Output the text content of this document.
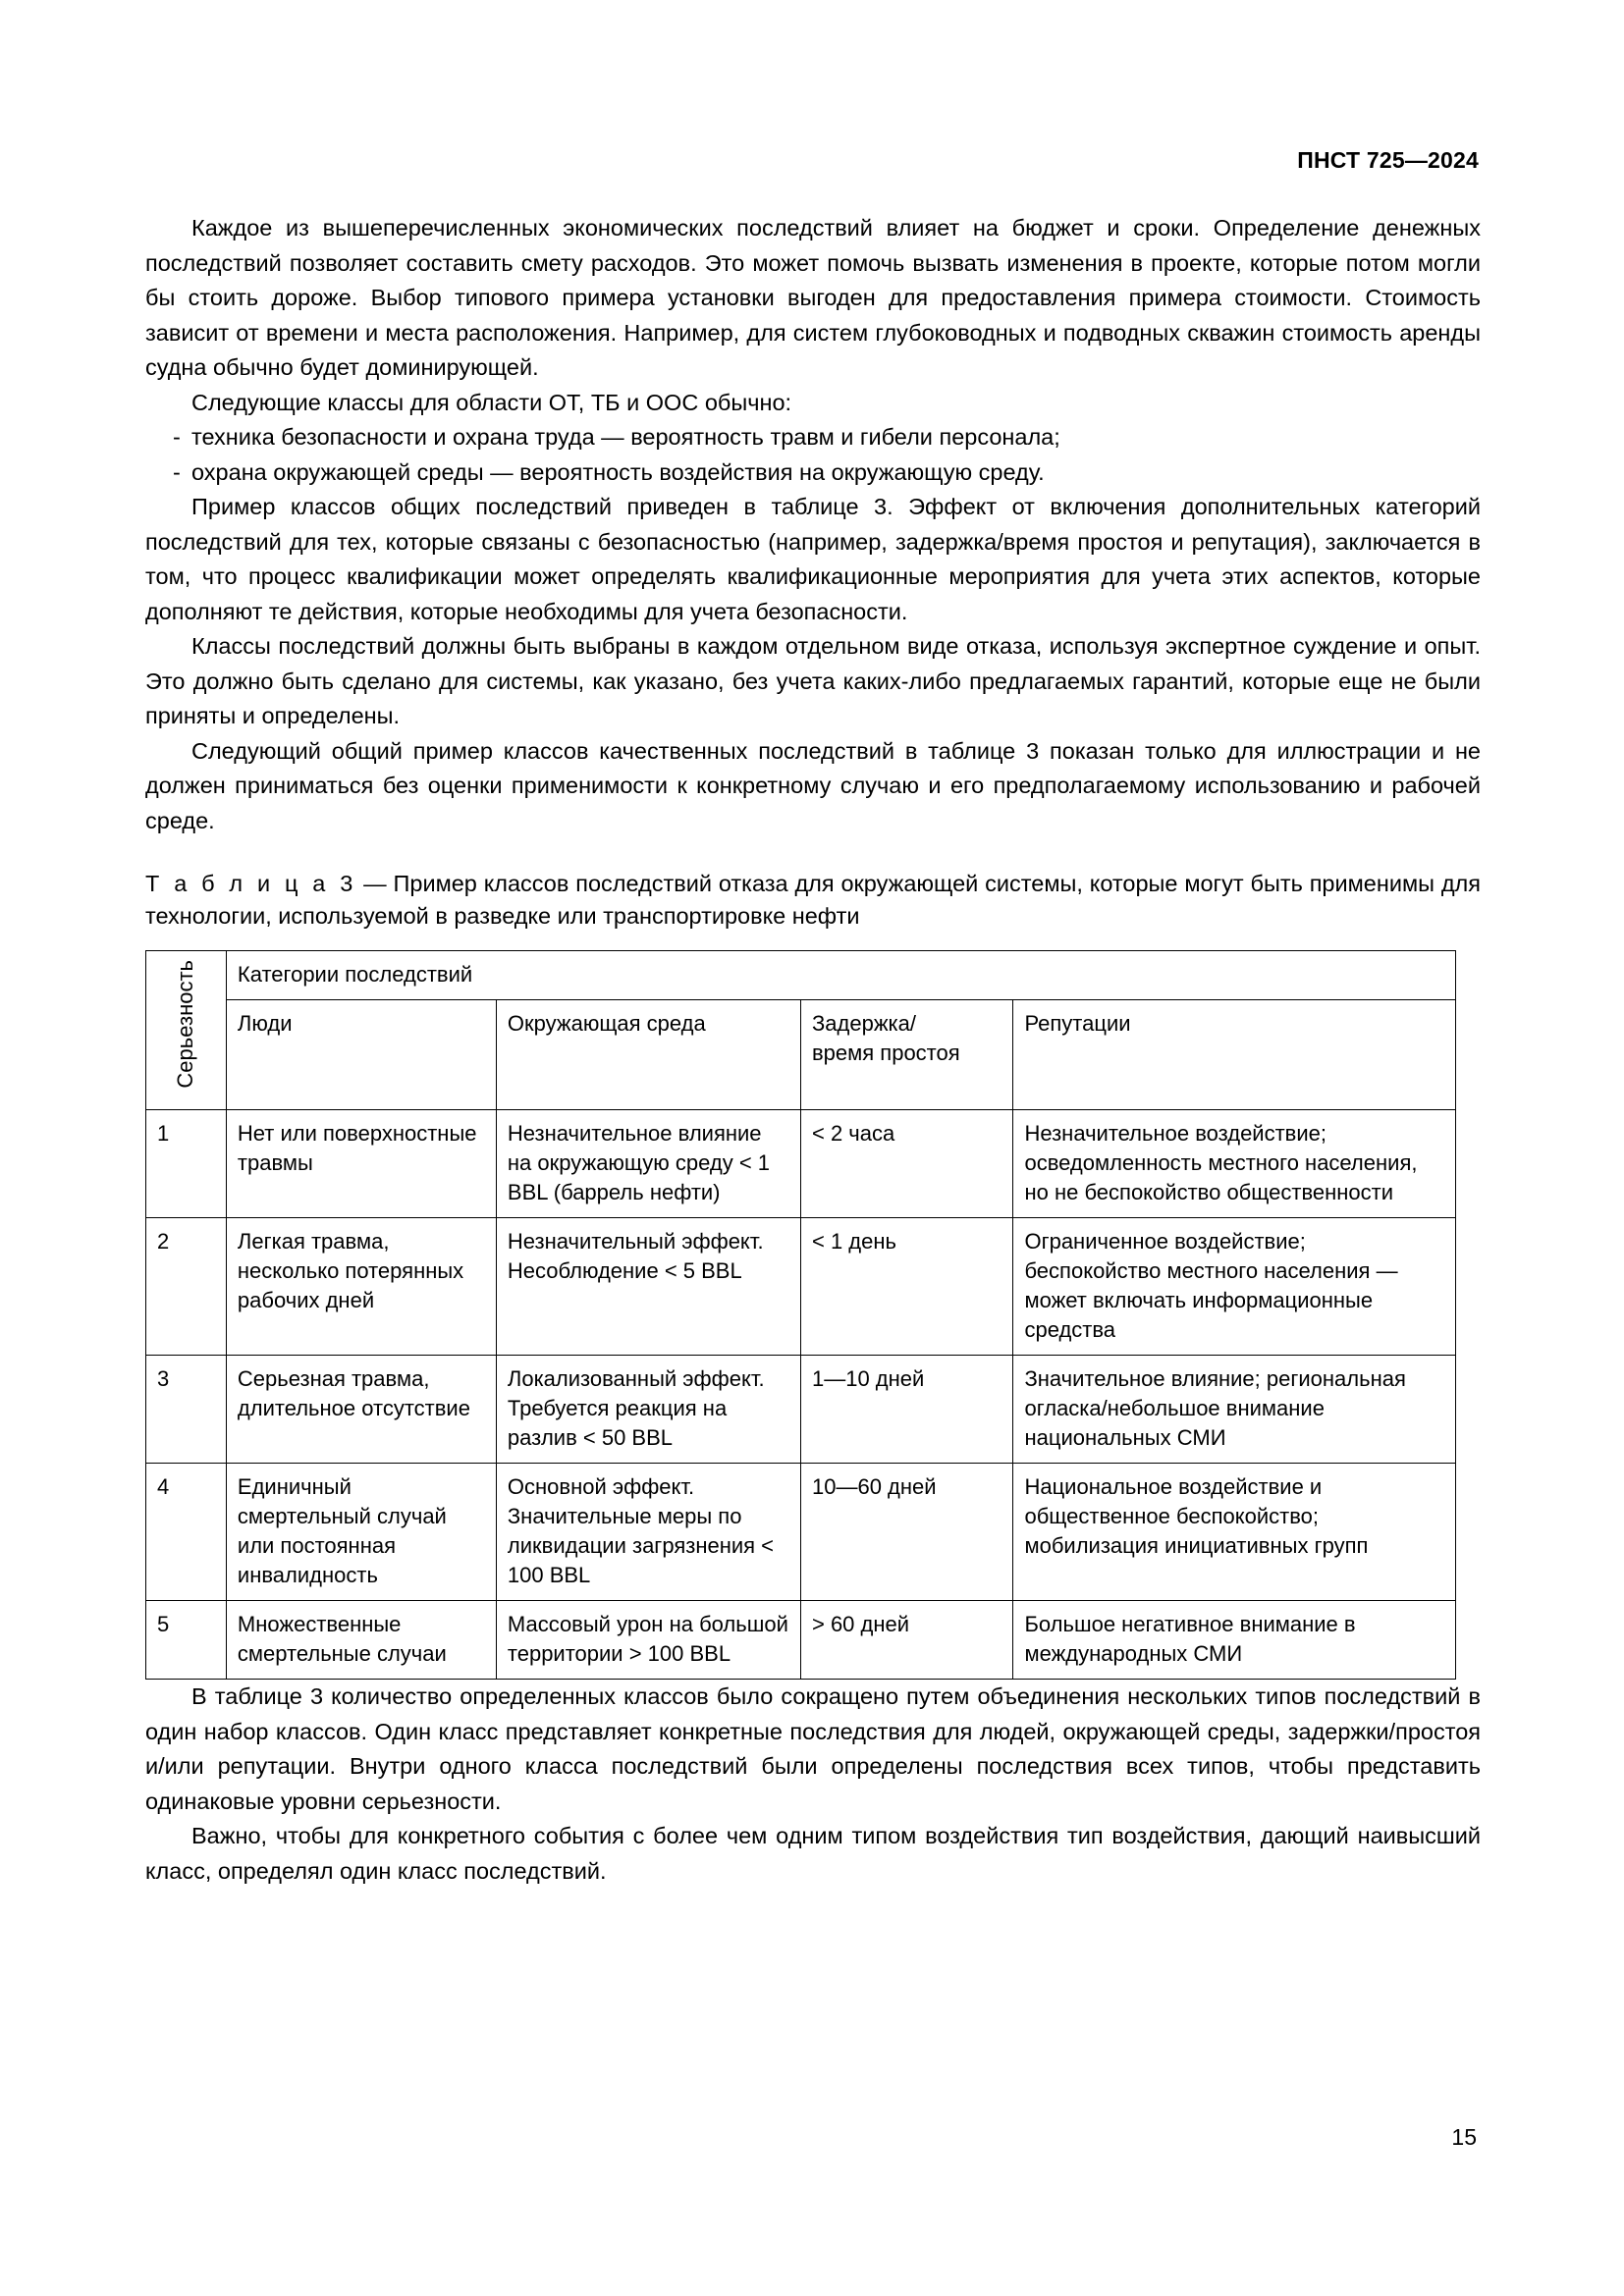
ПНСТ 725—2024

Каждое из вышеперечисленных экономических последствий влияет на бюджет и сроки. Определение денежных последствий позволяет составить смету расходов. Это может помочь вызвать изменения в проекте, которые потом могли бы стоить дороже. Выбор типового примера установки выгоден для предоставления примера стоимости. Стоимость зависит от времени и места расположения. Например, для систем глубоководных и подводных скважин стоимость аренды судна обычно будет доминирующей.

Следующие классы для области ОТ, ТБ и ООС обычно:

- техника безопасности и охрана труда — вероятность травм и гибели персонала;
- охрана окружающей среды — вероятность воздействия на окружающую среду.

Пример классов общих последствий приведен в таблице 3. Эффект от включения дополнительных категорий последствий для тех, которые связаны с безопасностью (например, задержка/время простоя и репутация), заключается в том, что процесс квалификации может определять квалификационные мероприятия для учета этих аспектов, которые дополняют те действия, которые необходимы для учета безопасности.

Классы последствий должны быть выбраны в каждом отдельном виде отказа, используя экспертное суждение и опыт. Это должно быть сделано для системы, как указано, без учета каких-либо предлагаемых гарантий, которые еще не были приняты и определены.

Следующий общий пример классов качественных последствий в таблице 3 показан только для иллюстрации и не должен приниматься без оценки применимости к конкретному случаю и его предполагаемому использованию и рабочей среде.

Т а б л и ц а 3 — Пример классов последствий отказа для окружающей системы, которые могут быть применимы для технологии, используемой в разведке или транспортировке нефти
Серьезность	Категории последствий			
	Люди	Окружающая среда	Задержка/
время простоя	Репутации
1	Нет или поверхностные травмы	Незначительное влияние на окружающую среду < 1 BBL (баррель нефти)	< 2 часа	Незначительное воздействие; осведомленность местного населения, но не беспокойство общественности
2	Легкая травма, несколько потерянных рабочих дней	Незначительный эффект. Несоблюдение < 5 BBL	< 1 день	Ограниченное воздействие; беспокойство местного населения — может включать информационные средства
3	Серьезная травма, длительное отсутствие	Локализованный эффект. Требуется реакция на разлив < 50 BBL	1—10 дней	Значительное влияние; региональная огласка/небольшое внимание национальных СМИ
4	Единичный смертельный случай или постоянная инвалидность	Основной эффект. Значительные меры по ликвидации загрязнения < 100 BBL	10—60 дней	Национальное воздействие и общественное беспокойство; мобилизация инициативных групп
5	Множественные смертельные случаи	Массовый урон на большой территории > 100 BBL	> 60 дней	Большое негативное внимание в международных СМИ

В таблице 3 количество определенных классов было сокращено путем объединения нескольких типов последствий в один набор классов. Один класс представляет конкретные последствия для людей, окружающей среды, задержки/простоя и/или репутации. Внутри одного класса последствий были определены последствия всех типов, чтобы представить одинаковые уровни серьезности.

Важно, чтобы для конкретного события с более чем одним типом воздействия тип воздействия, дающий наивысший класс, определял один класс последствий.

15
